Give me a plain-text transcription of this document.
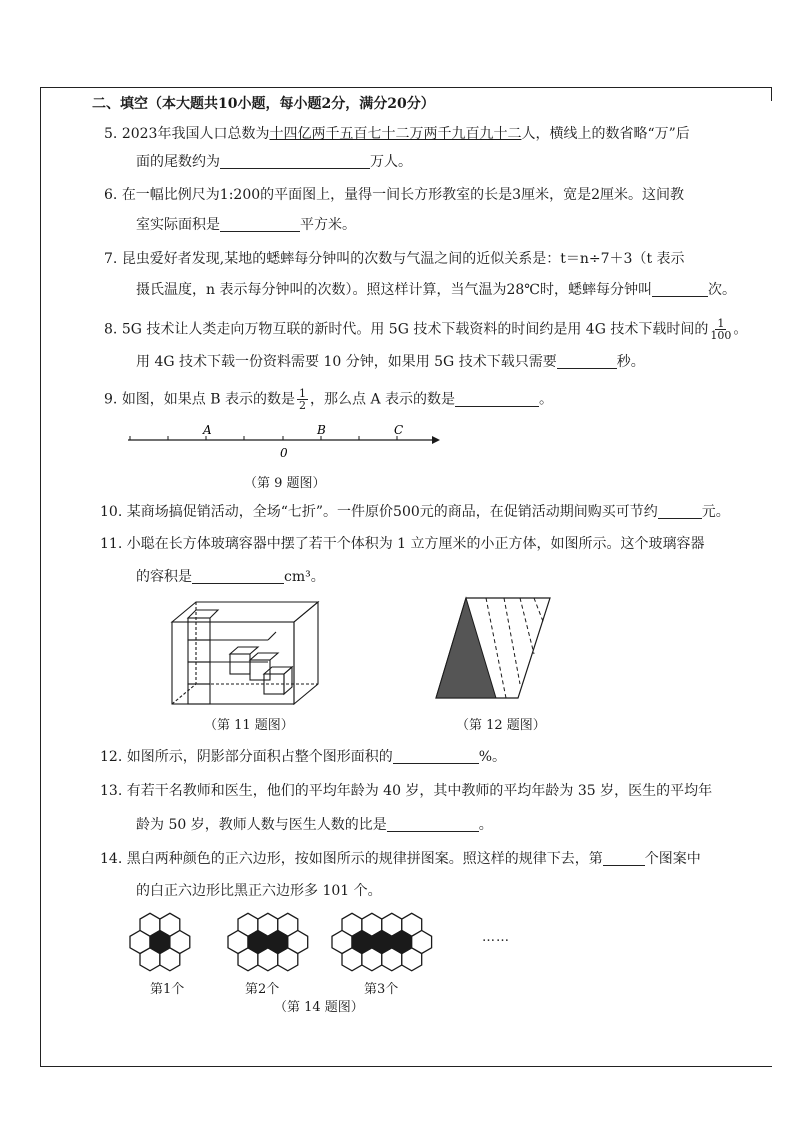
二、填空（本大题共10小题，每小题2分，满分20分）
5. 2023年我国人口总数为十四亿两千五百七十二万两千九百九十二人，横线上的数省略“万”后
面的尾数约为	万人。
6. 在一幅比例尺为1:200的平面图上，量得一间长方形教室的长是3厘米，宽是2厘米。这间教
室实际面积是	平方米。
7. 昆虫爱好者发现,某地的蟋蟀每分钟叫的次数与气温之间的近似关系是：t＝n÷7＋3（t 表示
摄氏温度，n 表示每分钟叫的次数）。照这样计算，当气温为28℃时，蟋蟀每分钟叫	次。
8. 5G 技术让人类走向万物互联的新时代。用 5G 技术下载资料的时间约是用 4G 技术下载时间的 $\frac{1}{100}$ 。
用 4G 技术下载一份资料需要 10 分钟，如果用 5G 技术下载只需要	秒。
9. 如图，如果点 B 表示的数是 $\frac{1}{2}$ ，那么点 A 表示的数是	。
A	B	C
0
（第 9 题图）
10. 某商场搞促销活动，全场“七折”。一件原价500元的商品，在促销活动期间购买可节约	元。
11. 小聪在长方体玻璃容器中摆了若干个体积为 1 立方厘米的小正方体，如图所示。这个玻璃容器
的容积是	cm³。
（第 11 题图）	（第 12 题图）
12. 如图所示，阴影部分面积占整个图形面积的	%。
13. 有若干名教师和医生，他们的平均年龄为 40 岁，其中教师的平均年龄为 35 岁，医生的平均年
龄为 50 岁，教师人数与医生人数的比是	。
14. 黑白两种颜色的正六边形，按如图所示的规律拼图案。照这样的规律下去，第	个图案中
的白正六边形比黑正六边形多 101 个。
……
第1个	第2个	第3个
（第 14 题图）
